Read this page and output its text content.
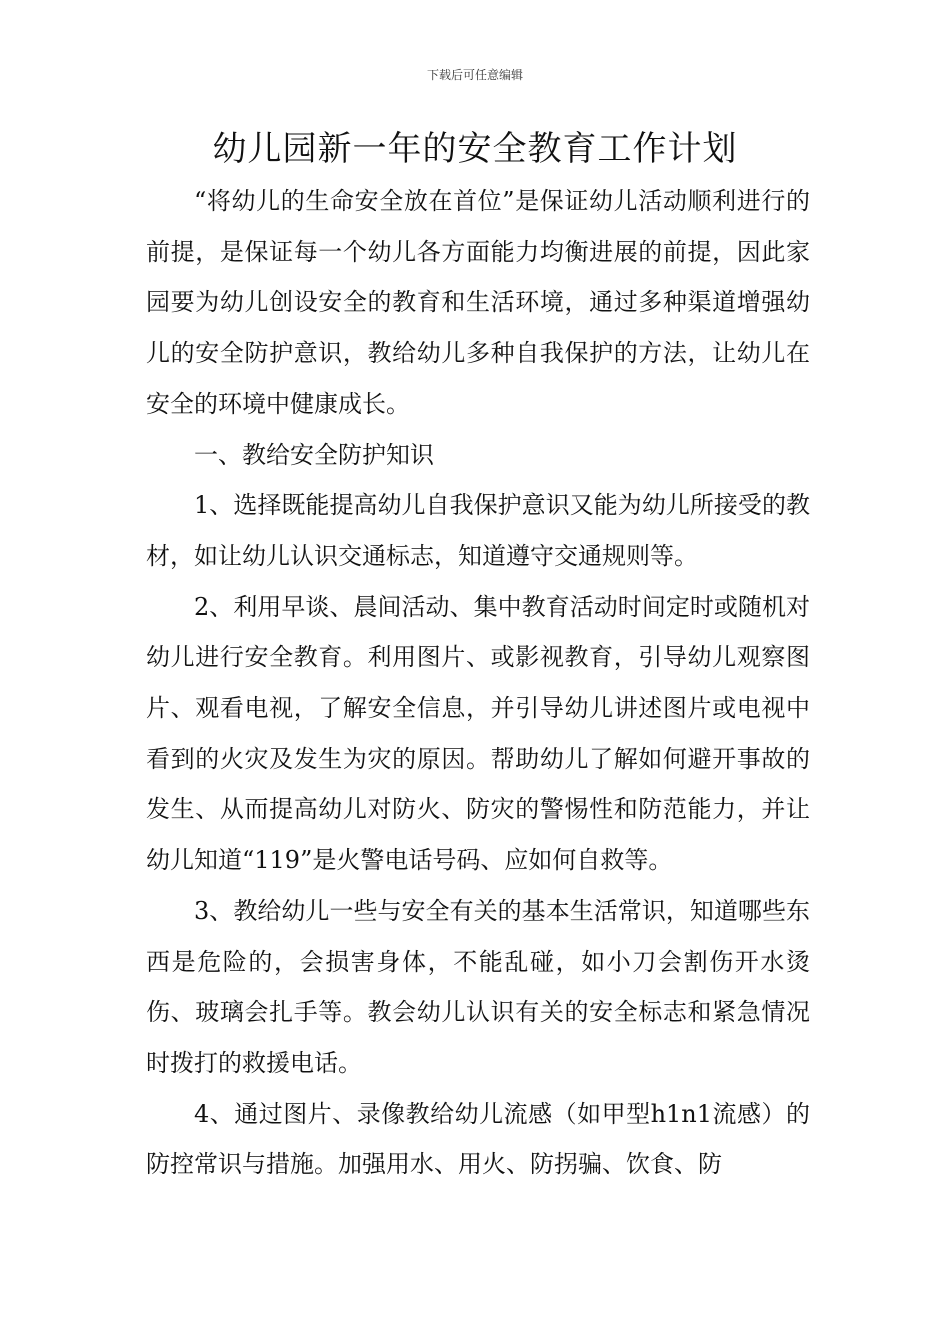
下载后可任意编辑
幼儿园新一年的安全教育工作计划

“将幼儿的生命安全放在首位”是保证幼儿活动顺利进行的前提，是保证每一个幼儿各方面能力均衡进展的前提，因此家园要为幼儿创设安全的教育和生活环境，通过多种渠道增强幼儿的安全防护意识，教给幼儿多种自我保护的方法，让幼儿在安全的环境中健康成长。

一、教给安全防护知识

1、选择既能提高幼儿自我保护意识又能为幼儿所接受的教材，如让幼儿认识交通标志，知道遵守交通规则等。

2、利用早谈、晨间活动、集中教育活动时间定时或随机对幼儿进行安全教育。利用图片、或影视教育，引导幼儿观察图片、观看电视，了解安全信息，并引导幼儿讲述图片或电视中看到的火灾及发生为灾的原因。帮助幼儿了解如何避开事故的发生、从而提高幼儿对防火、防灾的警惕性和防范能力，并让幼儿知道“119”是火警电话号码、应如何自救等。

3、教给幼儿一些与安全有关的基本生活常识，知道哪些东西是危险的，会损害身体，不能乱碰，如小刀会割伤开水烫伤、玻璃会扎手等。教会幼儿认识有关的安全标志和紧急情况时拨打的救援电话。

4、通过图片、录像教给幼儿流感（如甲型h1n1流感）的防控常识与措施。加强用水、用火、防拐骗、饮食、防
